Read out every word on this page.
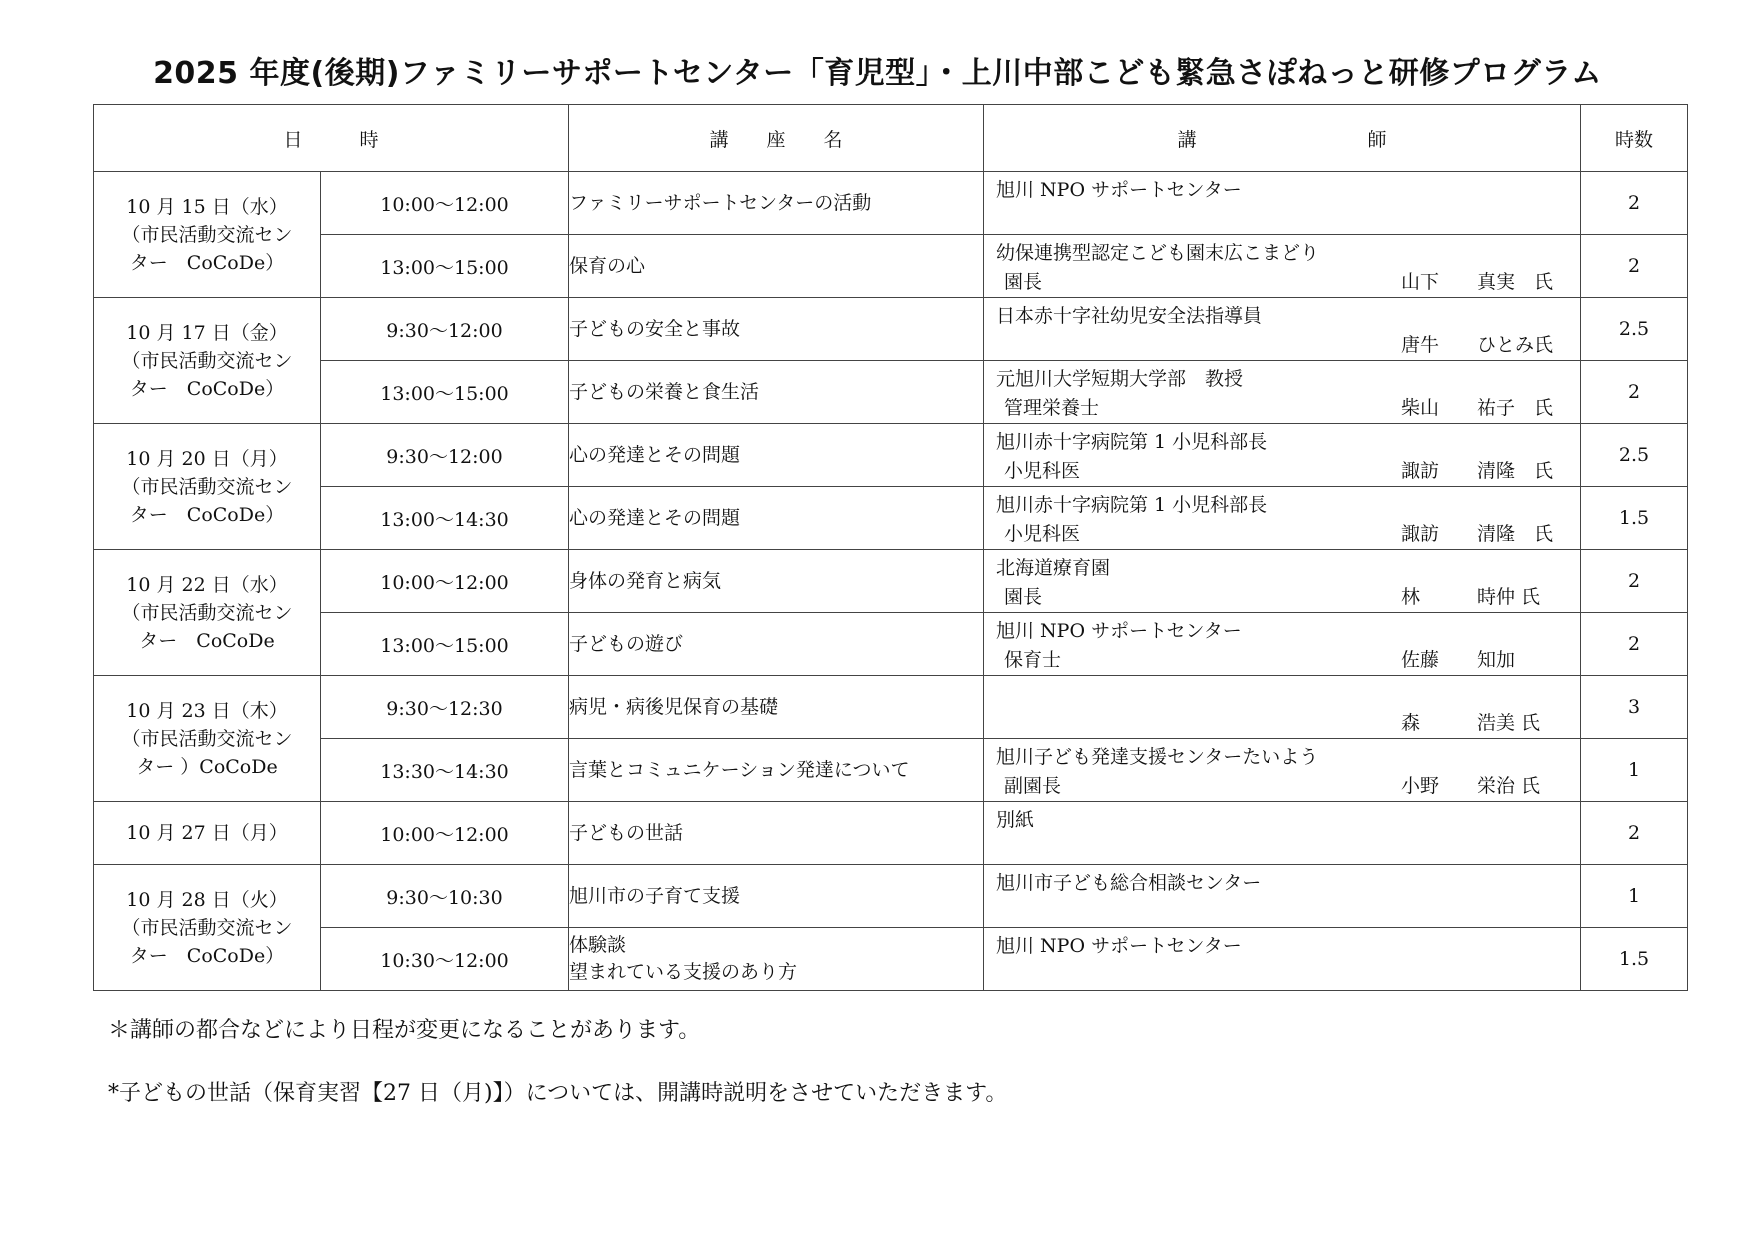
2025 年度(後期)ファミリーサポートセンター「育児型」・上川中部こども緊急さぽねっと研修プログラム
日　　　時		講　　座　　名	講　　　　　　　　　師	時数

10 月 15 日（水）
（市民活動交流セン
ター　CoCoDe）	10:00～12:00	ファミリーサポートセンターの活動	旭川 NPO サポートセンター	2
	13:00～15:00	保育の心	幼保連携型認定こども園末広こまどり
園長 山下　　真実　氏	2

10 月 17 日（金）
（市民活動交流セン
ター　CoCoDe）	9:30～12:00	子どもの安全と事故	日本赤十字社幼児安全法指導員
唐牛　　ひとみ氏	2.5
	13:00～15:00	子どもの栄養と食生活	元旭川大学短期大学部　教授
管理栄養士 柴山　　祐子　氏	2

10 月 20 日（月）
（市民活動交流セン
ター　CoCoDe）	9:30～12:00	心の発達とその問題	旭川赤十字病院第 1 小児科部長
小児科医 諏訪　　清隆　氏	2.5
	13:00～14:30	心の発達とその問題	旭川赤十字病院第 1 小児科部長
小児科医 諏訪　　清隆　氏	1.5

10 月 22 日（水）
（市民活動交流セン
ター　CoCoDe	10:00～12:00	身体の発育と病気	北海道療育園
園長 林　　　時仲 氏	2
	13:00～15:00	子どもの遊び	旭川 NPO サポートセンター
保育士 佐藤　　知加	2

10 月 23 日（木）
（市民活動交流セン
ター ）CoCoDe	9:30～12:30	病児・病後児保育の基礎	森　　　浩美 氏	3
	13:30～14:30	言葉とコミュニケーション発達について	旭川子ども発達支援センターたいよう
副園長 小野　　栄治 氏	1

10 月 27 日（月）	10:00～12:00	子どもの世話	別紙	2

10 月 28 日（火）
（市民活動交流セン
ター　CoCoDe）	9:30～10:30	旭川市の子育て支援	旭川市子ども総合相談センター	1
	10:30～12:00	体験談
望まれている支援のあり方	旭川 NPO サポートセンター	1.5
＊講師の都合などにより日程が変更になることがあります。
*子どもの世話（保育実習【27 日（月)】）については、開講時説明をさせていただきます。
